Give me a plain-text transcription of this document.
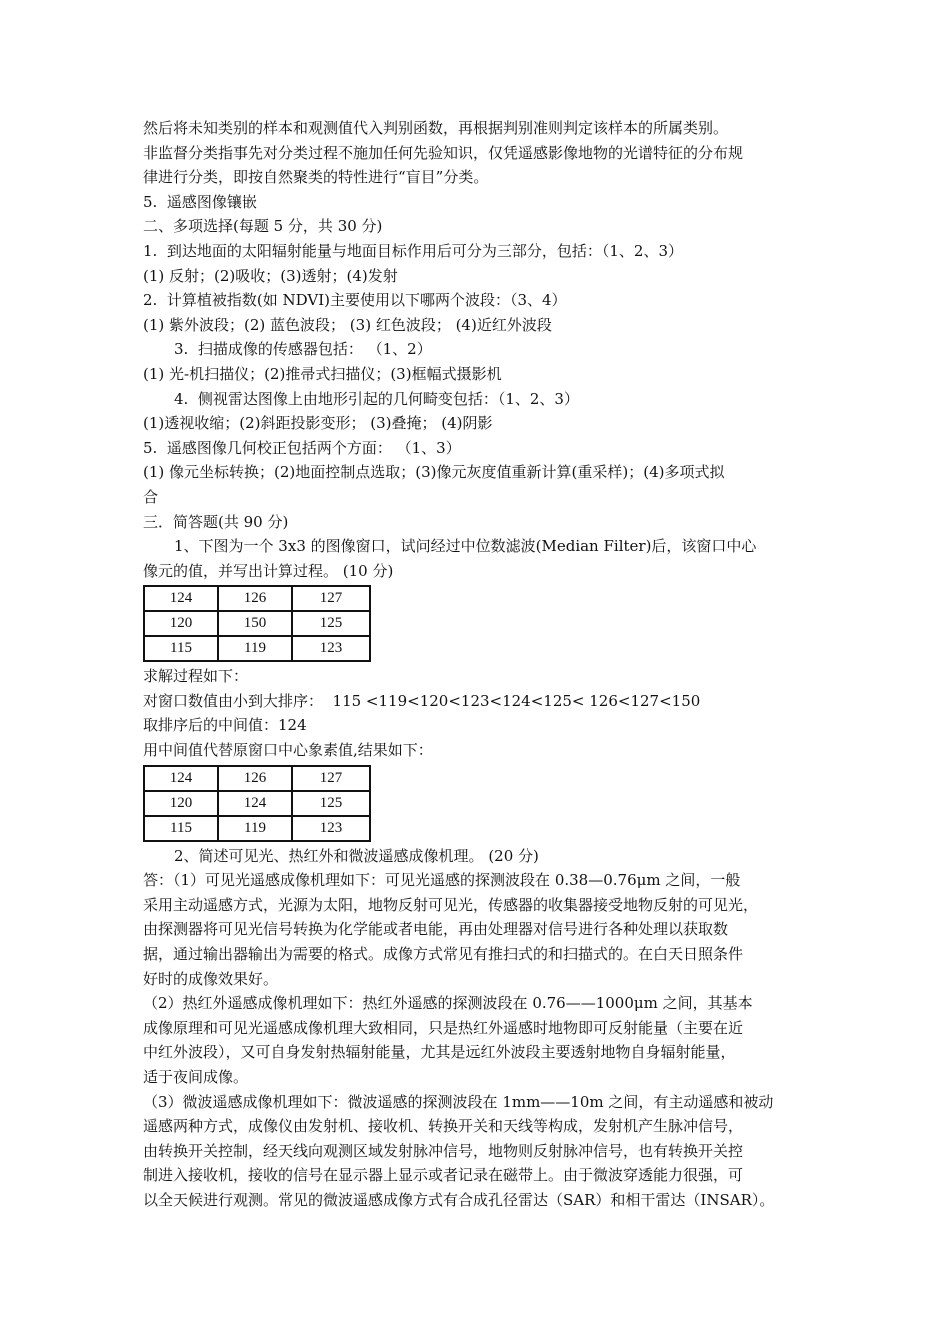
然后将未知类别的样本和观测值代入判别函数，再根据判别准则判定该样本的所属类别。
非监督分类指事先对分类过程不施加任何先验知识，仅凭遥感影像地物的光谱特征的分布规
律进行分类，即按自然聚类的特性进行“盲目”分类。
5.  遥感图像镶嵌
二、多项选择(每题 5 分，共 30 分)
1.  到达地面的太阳辐射能量与地面目标作用后可分为三部分，包括：（1、2、3）
(1) 反射；(2)吸收；(3)透射；(4)发射
2.  计算植被指数(如 NDVI)主要使用以下哪两个波段：（3、4）
(1) 紫外波段；(2) 蓝色波段； (3) 红色波段； (4)近红外波段
3.  扫描成像的传感器包括： （1、2）
(1) 光-机扫描仪；(2)推帚式扫描仪；(3)框幅式摄影机
4.  侧视雷达图像上由地形引起的几何畸变包括：（1、2、3）
(1)透视收缩；(2)斜距投影变形； (3)叠掩； (4)阴影
5.  遥感图像几何校正包括两个方面： （1、3）
(1) 像元坐标转换；(2)地面控制点选取；(3)像元灰度值重新计算(重采样)；(4)多项式拟
合
三．简答题(共 90 分)
1、下图为一个 3x3 的图像窗口，试问经过中位数滤波(Median Filter)后，该窗口中心
像元的值，并写出计算过程。 (10 分)
124	126	127
120	150	125
115	119	123
求解过程如下：
对窗口数值由小到大排序：  115 <119<120<123<124<125< 126<127<150
取排序后的中间值：124
用中间值代替原窗口中心象素值,结果如下：
124	126	127
120	124	125
115	119	123
2、简述可见光、热红外和微波遥感成像机理。 (20 分)
答：（1）可见光遥感成像机理如下：可见光遥感的探测波段在 0.38—0.76μm 之间，一般
采用主动遥感方式，光源为太阳，地物反射可见光，传感器的收集器接受地物反射的可见光，
由探测器将可见光信号转换为化学能或者电能，再由处理器对信号进行各种处理以获取数
据，通过输出器输出为需要的格式。成像方式常见有推扫式的和扫描式的。在白天日照条件
好时的成像效果好。
（2）热红外遥感成像机理如下：热红外遥感的探测波段在 0.76——1000μm 之间，其基本
成像原理和可见光遥感成像机理大致相同，只是热红外遥感时地物即可反射能量（主要在近
中红外波段），又可自身发射热辐射能量，尤其是远红外波段主要透射地物自身辐射能量，
适于夜间成像。
（3）微波遥感成像机理如下：微波遥感的探测波段在 1mm——10m 之间，有主动遥感和被动
遥感两种方式，成像仪由发射机、接收机、转换开关和天线等构成，发射机产生脉冲信号，
由转换开关控制，经天线向观测区域发射脉冲信号，地物则反射脉冲信号，也有转换开关控
制进入接收机，接收的信号在显示器上显示或者记录在磁带上。由于微波穿透能力很强，可
以全天候进行观测。常见的微波遥感成像方式有合成孔径雷达（SAR）和相干雷达（INSAR）。
